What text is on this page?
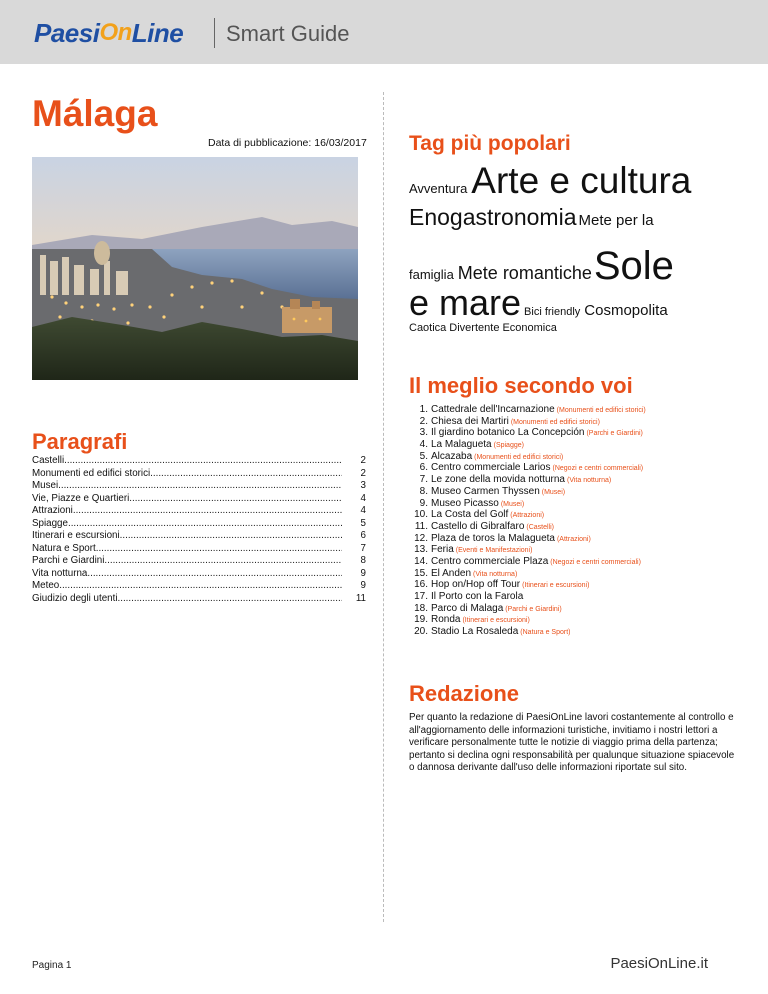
Paesi On Line Smart Guide
Málaga
Data di pubblicazione: 16/03/2017
Paragrafi
Castelli .....	2
Monumenti ed edifici storici .....	2
Musei .....	3
Vie, Piazze e Quartieri .....	4
Attrazioni .....	4
Spiagge .....	5
Itinerari e escursioni .....	6
Natura e Sport .....	7
Parchi e Giardini .....	8
Vita notturna .....	9
Meteo .....	9
Giudizio degli utenti .....	11
Tag più popolari
Avventura Arte e cultura
Enogastronomia Mete per la
famiglia Mete romantiche Sole
e mare Bici friendly Cosmopolita
Caotica Divertente Economica
Il meglio secondo voi
1. Cattedrale dell'Incarnazione (Monumenti ed edifici storici)
2. Chiesa dei Martiri (Monumenti ed edifici storici)
3. Il giardino botanico La Concepción (Parchi e Giardini)
4. La Malagueta (Spiagge)
5. Alcazaba (Monumenti ed edifici storici)
6. Centro commerciale Larios (Negozi e centri commerciali)
7. Le zone della movida notturna (Vita notturna)
8. Museo Carmen Thyssen (Musei)
9. Museo Picasso (Musei)
10. La Costa del Golf (Attrazioni)
11. Castello di Gibralfaro (Castelli)
12. Plaza de toros la Malagueta (Attrazioni)
13. Feria (Eventi e Manifestazioni)
14. Centro commerciale Plaza (Negozi e centri commerciali)
15. El Anden (Vita notturna)
16. Hop on/Hop off Tour (Itinerari e escursioni)
17. Il Porto con la Farola
18. Parco di Malaga (Parchi e Giardini)
19. Ronda (Itinerari e escursioni)
20. Stadio La Rosaleda (Natura e Sport)
Redazione
Per quanto la redazione di PaesiOnLine lavori costantemente al controllo e all'aggiornamento delle informazioni turistiche, invitiamo i nostri lettori a verificare personalmente tutte le notizie di viaggio prima della partenza; pertanto si declina ogni responsabilità per qualunque situazione spiacevole o dannosa derivante dall'uso delle informazioni riportate sul sito.
Pagina 1	PaesiOnLine.it
